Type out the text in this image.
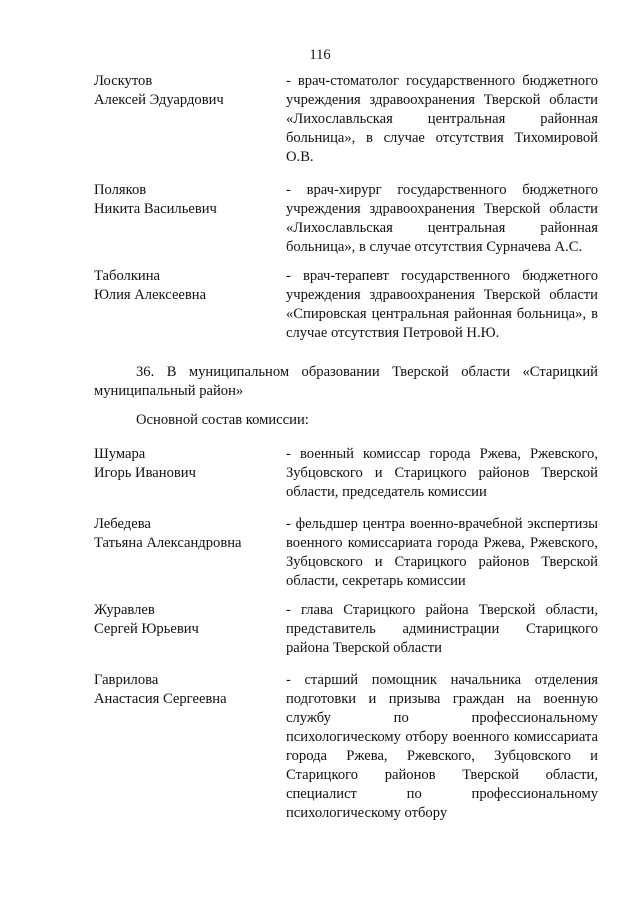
116
Лоскутов
Алексей Эдуардович
- врач-стоматолог государственного бюджетного учреждения здравоохранения Тверской области «Лихославльская центральная районная больница», в случае отсутствия Тихомировой О.В.
Поляков
Никита Васильевич
- врач-хирург государственного бюджетного учреждения здравоохранения Тверской области «Лихославльская центральная районная больница», в случае отсутствия Сурначева А.С.
Таболкина
Юлия Алексеевна
- врач-терапевт государственного бюджетного учреждения здравоохранения Тверской области «Спировская центральная районная больница», в случае отсутствия Петровой Н.Ю.
36. В муниципальном образовании Тверской области «Старицкий муниципальный район»
Основной состав комиссии:
Шумара
Игорь Иванович
- военный комиссар города Ржева, Ржевского, Зубцовского и Старицкого районов Тверской области, председатель комиссии
Лебедева
Татьяна Александровна
- фельдшер центра военно-врачебной экспертизы военного комиссариата города Ржева, Ржевского, Зубцовского и Старицкого районов Тверской области, секретарь комиссии
Журавлев
Сергей Юрьевич
- глава Старицкого района Тверской области, представитель администрации Старицкого района Тверской области
Гаврилова
Анастасия Сергеевна
- старший помощник начальника отделения подготовки и призыва граждан на военную службу по профессиональному психологическому отбору военного комиссариата города Ржева, Ржевского, Зубцовского и Старицкого районов Тверской области, специалист по профессиональному психологическому отбору
